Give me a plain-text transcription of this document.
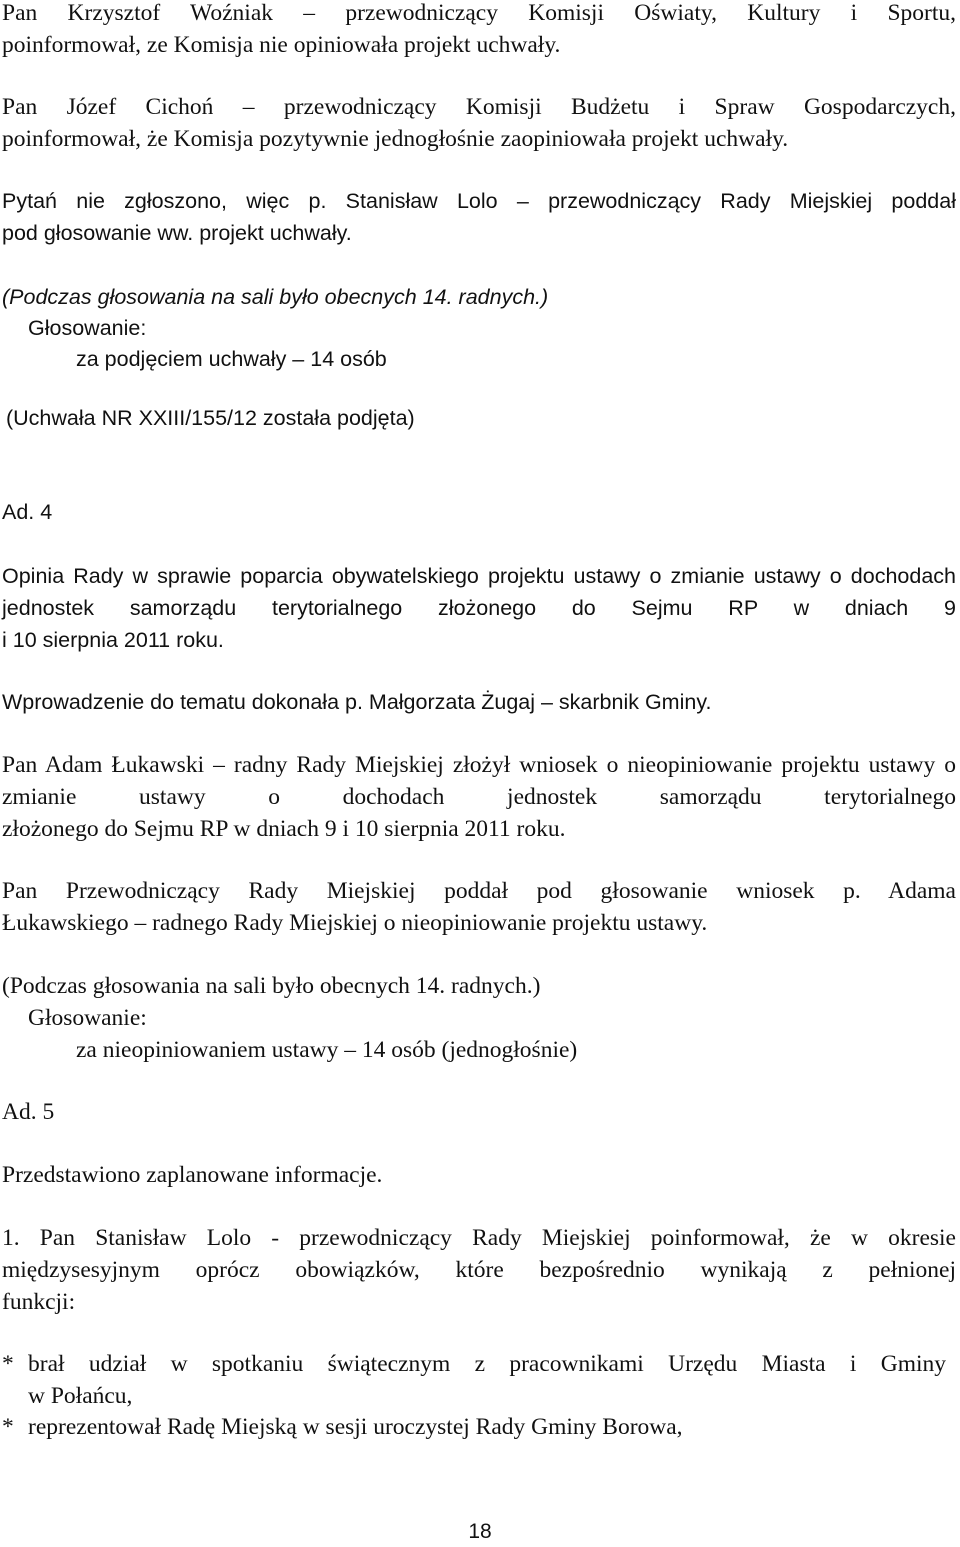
Pan Krzysztof Woźniak – przewodniczący Komisji Oświaty, Kultury i Sportu,
poinformował, ze Komisja nie opiniowała projekt uchwały.

Pan Józef Cichoń – przewodniczący Komisji Budżetu i Spraw Gospodarczych,
poinformował, że Komisja pozytywnie jednogłośnie zaopiniowała projekt uchwały.

Pytań nie zgłoszono, więc p. Stanisław Lolo – przewodniczący Rady Miejskiej poddał
pod głosowanie ww. projekt uchwały.

(Podczas głosowania na sali było obecnych 14. radnych.)

Głosowanie:

za podjęciem uchwały – 14 osób

(Uchwała NR XXIII/155/12 została podjęta)

Ad. 4

Opinia Rady w sprawie poparcia obywatelskiego projektu ustawy o zmianie ustawy o dochodach jednostek samorządu terytorialnego złożonego do Sejmu RP w dniach 9
i 10 sierpnia 2011 roku.

Wprowadzenie do tematu dokonała p. Małgorzata Żugaj – skarbnik Gminy.

Pan Adam Łukawski – radny Rady Miejskiej złożył wniosek o nieopiniowanie projektu ustawy o zmianie ustawy o dochodach jednostek samorządu terytorialnego
złożonego do Sejmu RP w dniach 9 i 10 sierpnia 2011 roku.

Pan Przewodniczący Rady Miejskiej poddał pod głosowanie wniosek p. Adama
Łukawskiego – radnego Rady Miejskiej o nieopiniowanie projektu ustawy.

(Podczas głosowania na sali było obecnych 14. radnych.)

Głosowanie:

za nieopiniowaniem ustawy – 14 osób (jednogłośnie)

Ad. 5

Przedstawiono zaplanowane informacje.

1. Pan Stanisław Lolo - przewodniczący Rady Miejskiej poinformował, że w okresie międzysesyjnym oprócz obowiązków, które bezpośrednio wynikają z pełnionej
funkcji:

* brał udział w spotkaniu świątecznym z pracownikami Urzędu Miasta i Gminy
w Połańcu,
* reprezentował Radę Miejską w sesji uroczystej Rady Gminy Borowa,
18
